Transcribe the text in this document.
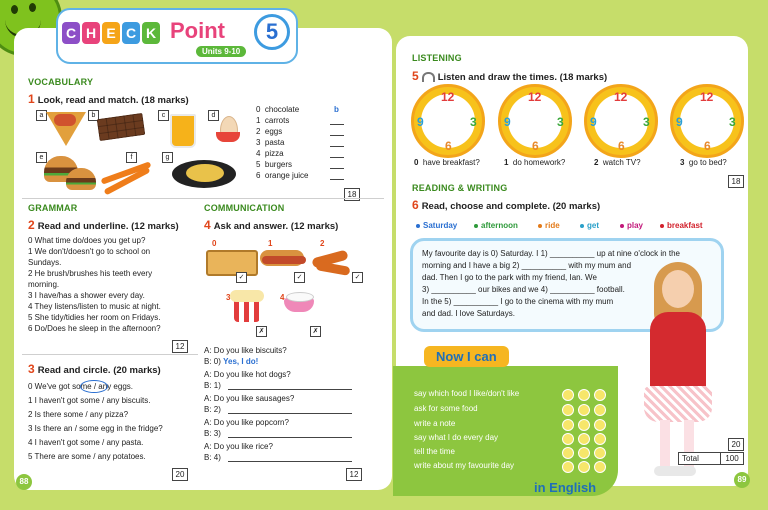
C H E C K Point	5
Units 9-10
VOCABULARY
1 Look, read and match. (18 marks)
a	b	c	d
e	f	g
0 chocolate	b
1 carrots
2 eggs
3 pasta
4 pizza
5 burgers
6 orange juice
18
GRAMMAR
2 Read and underline. (12 marks)
0 What time do/does you get up?
1 We don't/doesn't go to school on
Sundays.
2 He brush/brushes his teeth every
morning.
3 I have/has a shower every day.
4 They listens/listen to music at night.
5 She tidy/tidies her room on Fridays.
6 Do/Does he sleep in the afternoon?
12
3 Read and circle. (20 marks)
0 We've got some / any eggs.
1 I haven't got some / any biscuits.
2 Is there some / any pizza?
3 Is there an / some egg in the fridge?
4 I haven't got some / any pasta.
5 There are some / any potatoes.
20
COMMUNICATION
4 Ask and answer. (12 marks)
0
✓
1
✓
2
✓
3
✗
4
✗
A: Do you like biscuits?
B: 0) Yes, I do!
A: Do you like hot dogs?
B: 1)
A: Do you like sausages?
B: 2)
A: Do you like popcorn?
B: 3)
A: Do you like rice?
B: 4)
12
88
LISTENING
5 Listen and draw the times. (18 marks)
12
3
6
9
12
3
6
9
12
3
6
9
12
3
6
9
0 have breakfast?	1 do homework?	2 watch TV?	3 go to bed?
18
READING & WRITING
6 Read, choose and complete. (20 marks)
Saturday	afternoon	ride	get	play	breakfast
My favourite day is 0) Saturday. I 1) __________ up at nine o'clock in the
morning and I have a big 2) __________ with my mum and
dad. Then I go to the park with my friend, Ian. We
3) __________ our bikes and we 4) __________ football.
In the 5) __________ I go to the cinema with my mum
and dad. I love Saturdays.
Now I can
say which food I like/don't like
ask for some food
write a note
say what I do every day
tell the time
write about my favourite day
in English
20
Total	100
89
